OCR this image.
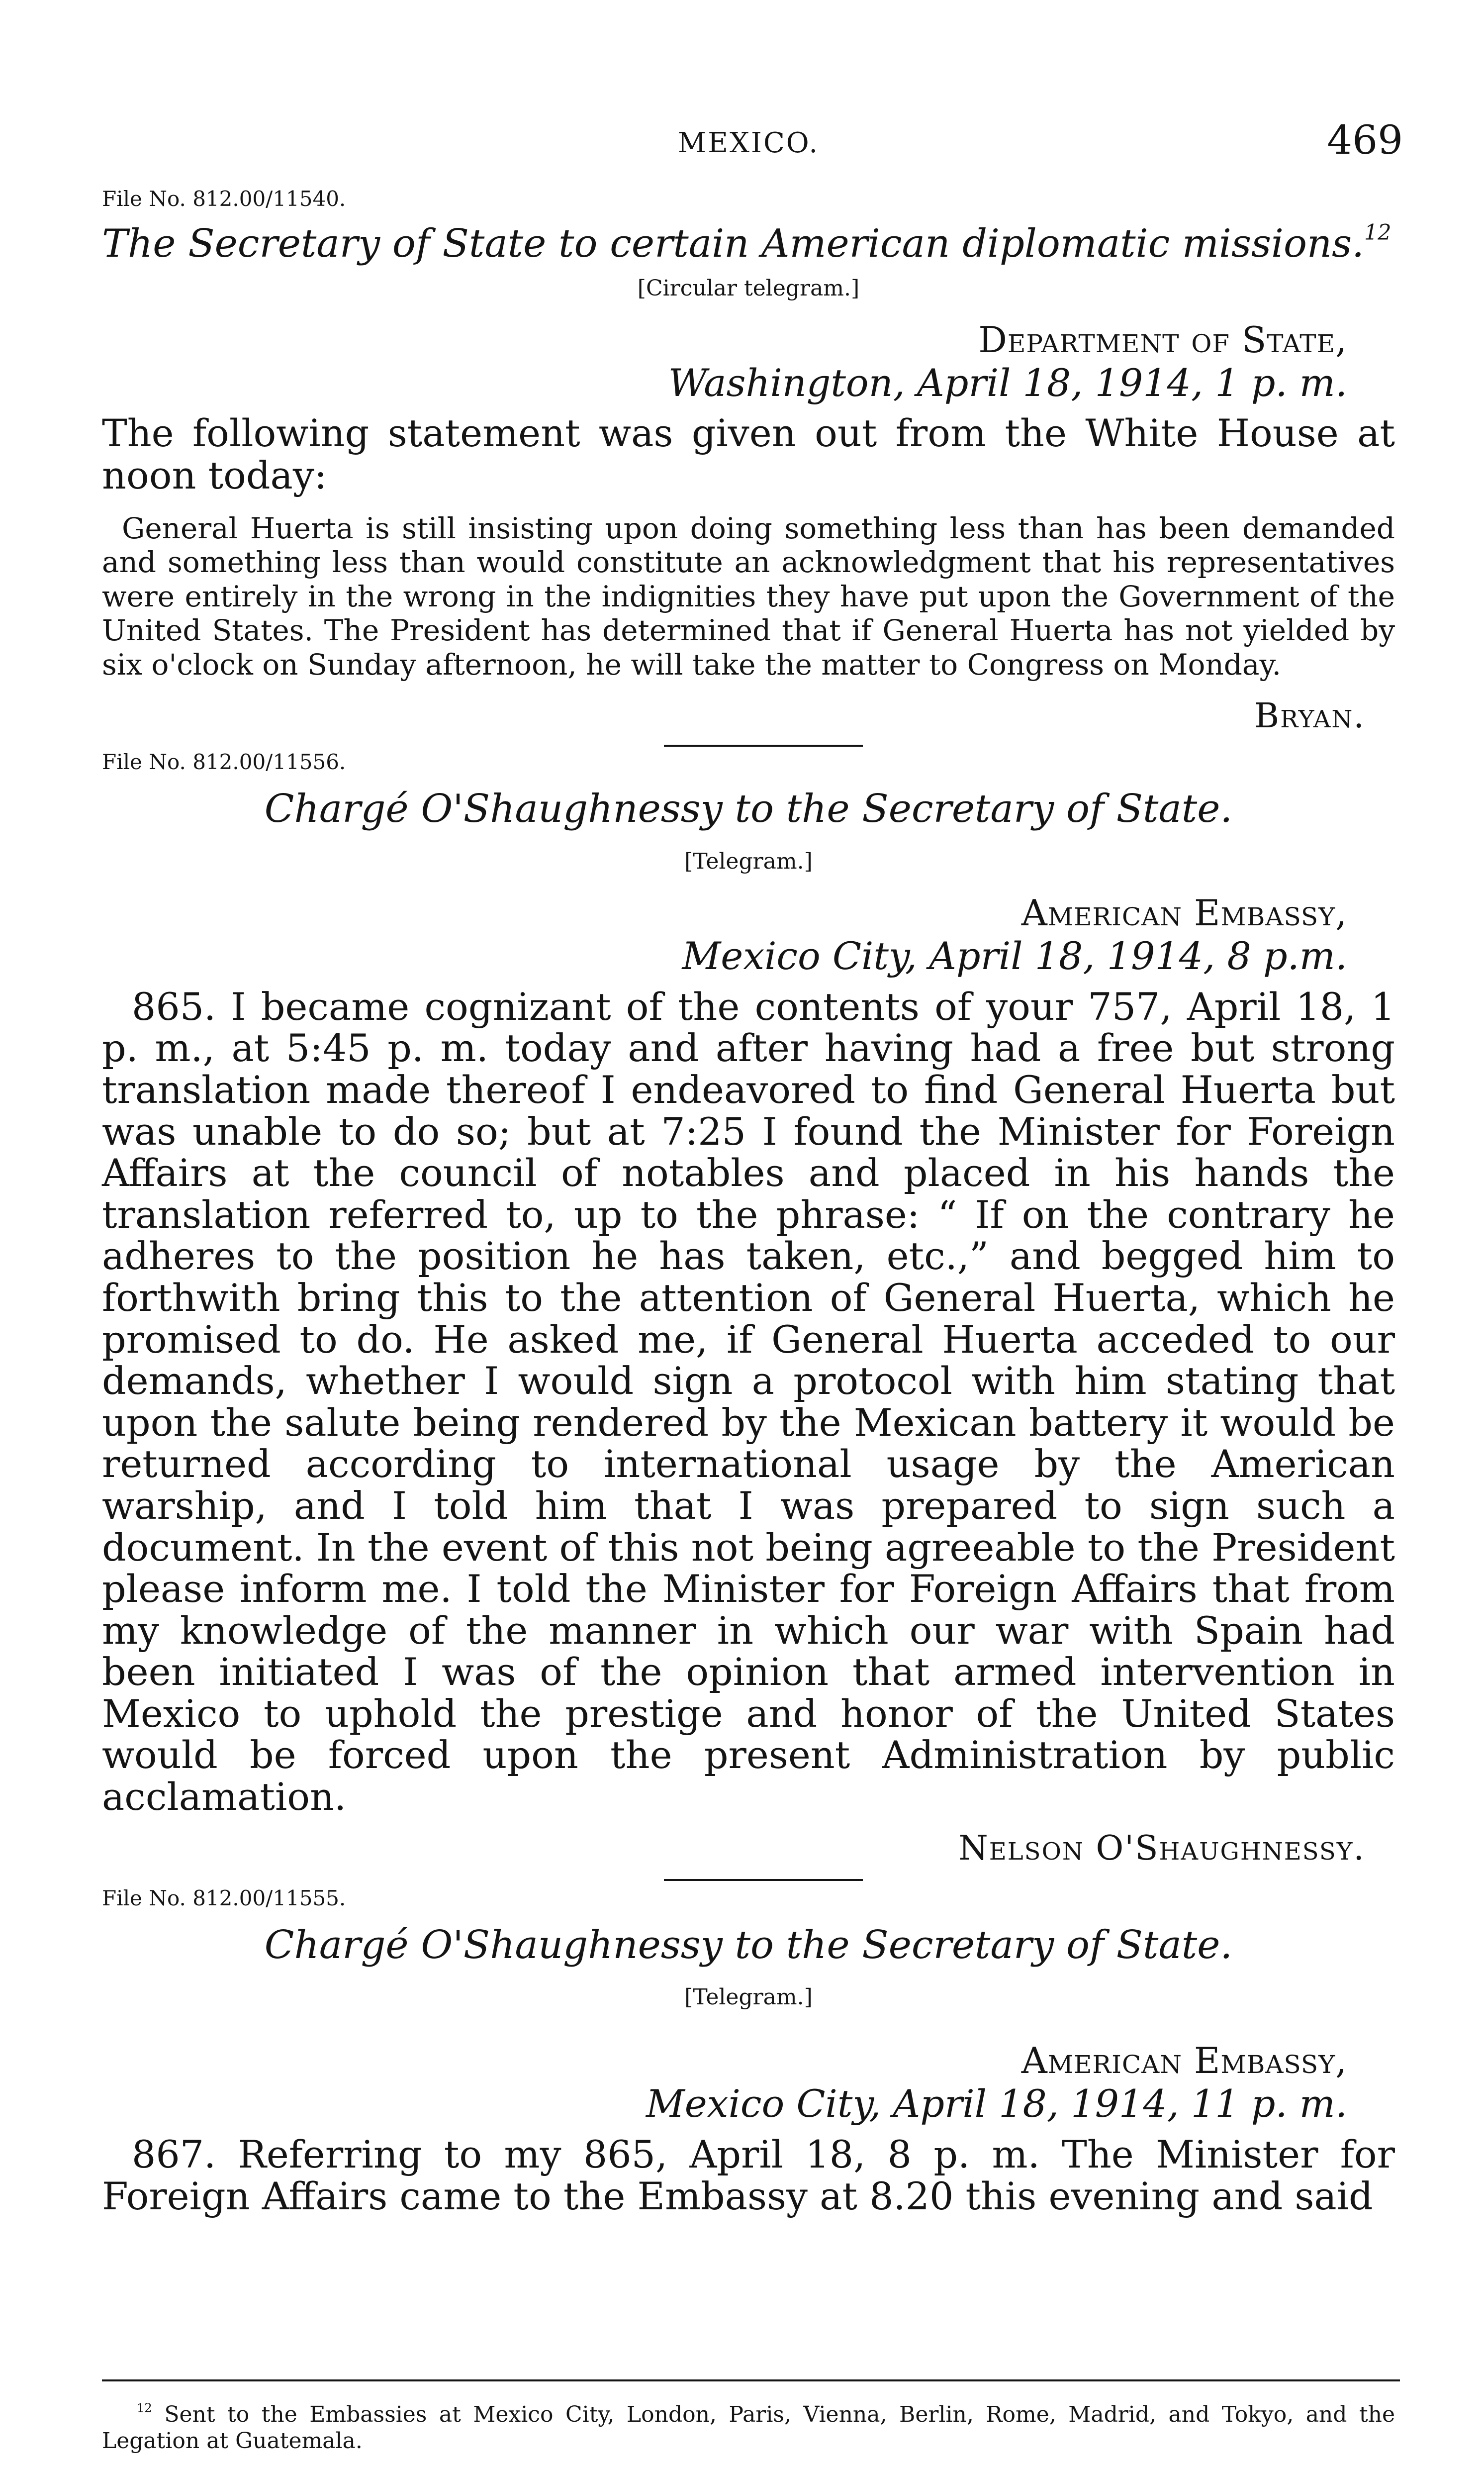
MEXICO.	469
File No. 812.00/11540.
The Secretary of State to certain American diplomatic missions.$^{12}$
[Circular telegram.]
Department of State,
Washington, April 18, 1914, 1 p. m.
The following statement was given out from the White House at noon today:
General Huerta is still insisting upon doing something less than has been demanded and something less than would constitute an acknowledgment that his representatives were entirely in the wrong in the indignities they have put upon the Government of the United States. The President has determined that if General Huerta has not yielded by six o'clock on Sunday afternoon, he will take the matter to Congress on Monday.
Bryan.
File No. 812.00/11556.
Chargé O'Shaughnessy to the Secretary of State.
[Telegram.]
American Embassy,
Mexico City, April 18, 1914, 8 p.m.
865. I became cognizant of the contents of your 757, April 18, 1 p. m., at 5:45 p. m. today and after having had a free but strong translation made thereof I endeavored to find General Huerta but was unable to do so; but at 7:25 I found the Minister for Foreign Affairs at the council of notables and placed in his hands the translation referred to, up to the phrase: “ If on the contrary he adheres to the position he has taken, etc.,” and begged him to forthwith bring this to the attention of General Huerta, which he promised to do. He asked me, if General Huerta acceded to our demands, whether I would sign a protocol with him stating that upon the salute being rendered by the Mexican battery it would be returned according to international usage by the American warship, and I told him that I was prepared to sign such a document. In the event of this not being agreeable to the President please inform me. I told the Minister for Foreign Affairs that from my knowledge of the manner in which our war with Spain had been initiated I was of the opinion that armed intervention in Mexico to uphold the prestige and honor of the United States would be forced upon the present Administration by public acclamation.
Nelson O'Shaughnessy.
File No. 812.00/11555.
Chargé O'Shaughnessy to the Secretary of State.
[Telegram.]
American Embassy,
Mexico City, April 18, 1914, 11 p. m.
867. Referring to my 865, April 18, 8 p. m. The Minister for Foreign Affairs came to the Embassy at 8.20 this evening and said
$^{12}$ Sent to the Embassies at Mexico City, London, Paris, Vienna, Berlin, Rome, Madrid, and Tokyo, and the Legation at Guatemala.
